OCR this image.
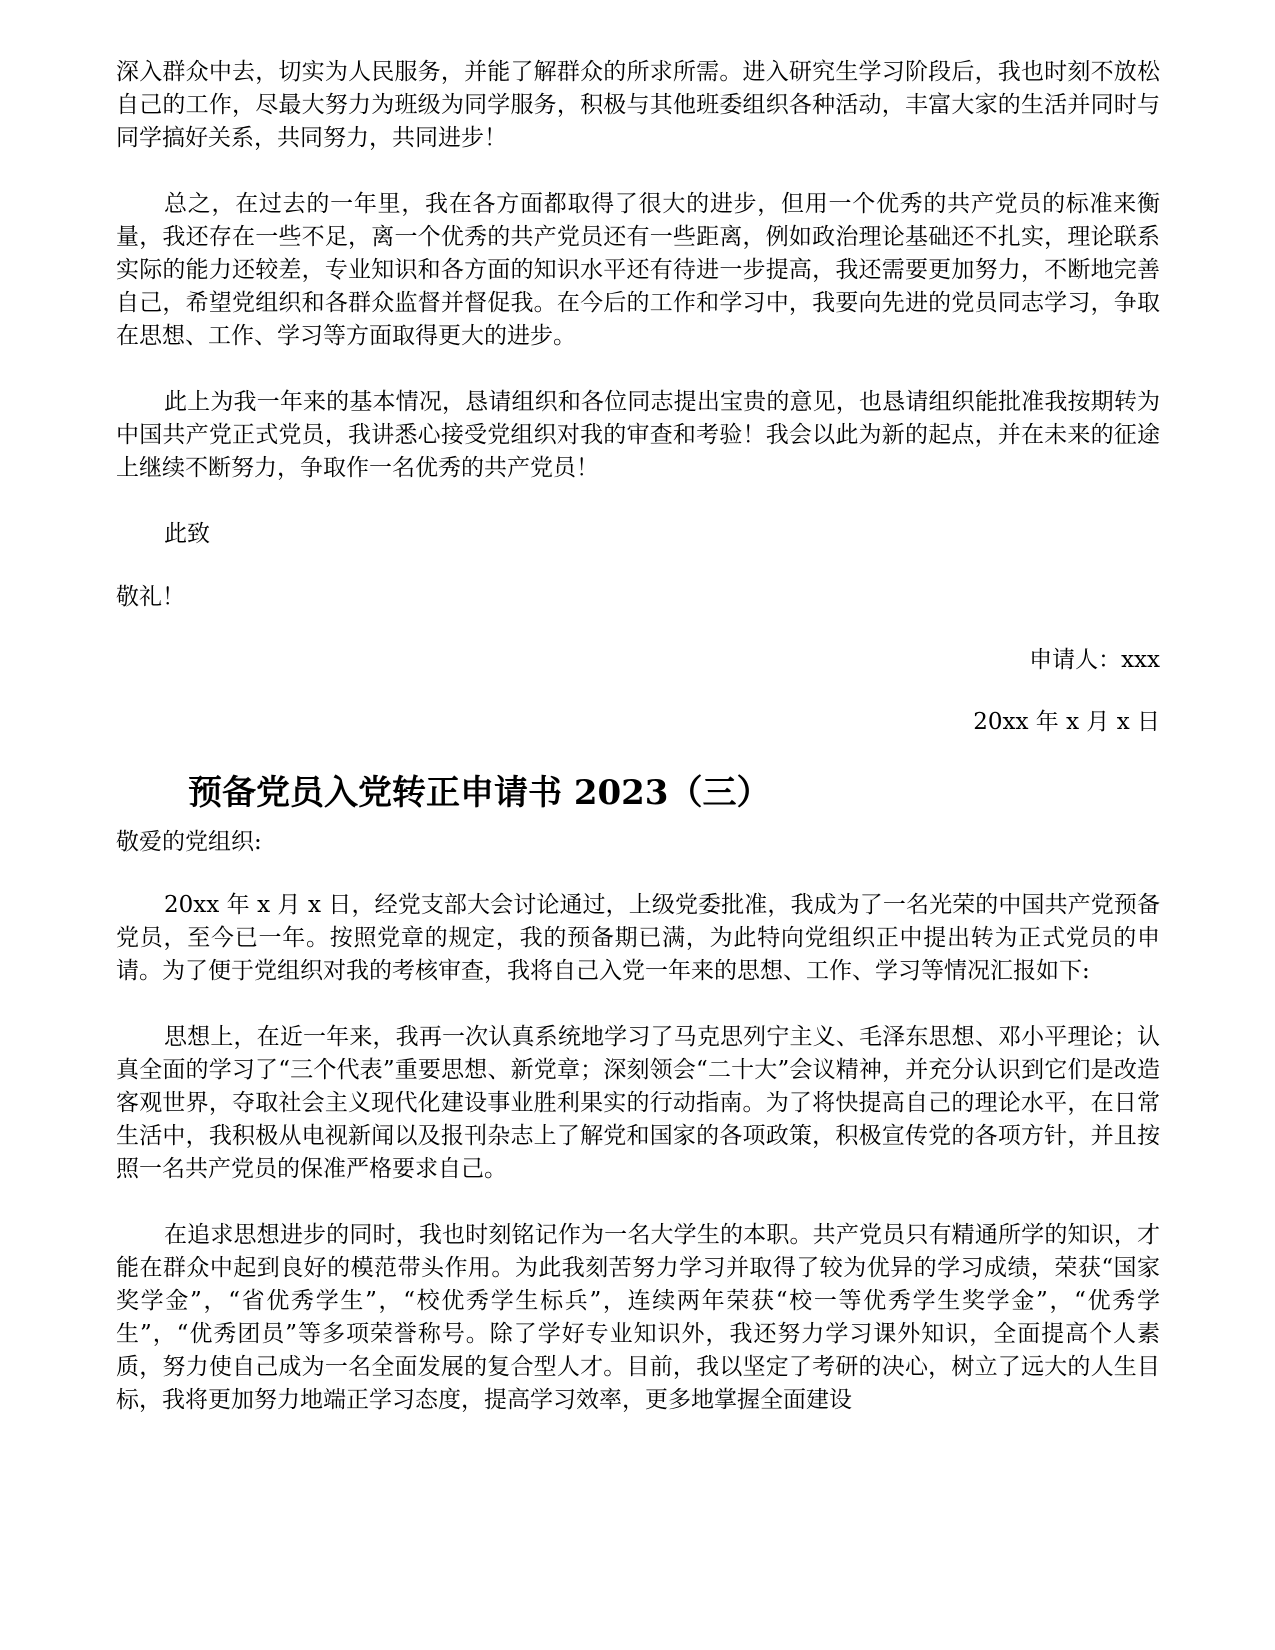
深入群众中去，切实为人民服务，并能了解群众的所求所需。进入研究生学习阶段后，我也时刻不放松自己的工作，尽最大努力为班级为同学服务，积极与其他班委组织各种活动，丰富大家的生活并同时与同学搞好关系，共同努力，共同进步！

总之，在过去的一年里，我在各方面都取得了很大的进步，但用一个优秀的共产党员的标准来衡量，我还存在一些不足，离一个优秀的共产党员还有一些距离，例如政治理论基础还不扎实，理论联系实际的能力还较差，专业知识和各方面的知识水平还有待进一步提高，我还需要更加努力，不断地完善自己，希望党组织和各群众监督并督促我。在今后的工作和学习中，我要向先进的党员同志学习，争取在思想、工作、学习等方面取得更大的进步。

此上为我一年来的基本情况，恳请组织和各位同志提出宝贵的意见，也恳请组织能批准我按期转为中国共产党正式党员，我讲悉心接受党组织对我的审查和考验！我会以此为新的起点，并在未来的征途上继续不断努力，争取作一名优秀的共产党员！

此致

敬礼！

申请人：xxx

20xx 年 x 月 x 日

预备党员入党转正申请书 2023（三）

敬爱的党组织:

20xx 年 x 月 x 日，经党支部大会讨论通过，上级党委批准，我成为了一名光荣的中国共产党预备党员，至今已一年。按照党章的规定，我的预备期已满，为此特向党组织正中提出转为正式党员的申请。为了便于党组织对我的考核审查，我将自己入党一年来的思想、工作、学习等情况汇报如下:

思想上，在近一年来，我再一次认真系统地学习了马克思列宁主义、毛泽东思想、邓小平理论；认真全面的学习了“三个代表”重要思想、新党章；深刻领会“二十大”会议精神，并充分认识到它们是改造客观世界，夺取社会主义现代化建设事业胜利果实的行动指南。为了将快提高自己的理论水平，在日常生活中，我积极从电视新闻以及报刊杂志上了解党和国家的各项政策，积极宣传党的各项方针，并且按照一名共产党员的保准严格要求自己。

在追求思想进步的同时，我也时刻铭记作为一名大学生的本职。共产党员只有精通所学的知识，才能在群众中起到良好的模范带头作用。为此我刻苦努力学习并取得了较为优异的学习成绩，荣获“国家奖学金”，“省优秀学生”，“校优秀学生标兵”，连续两年荣获“校一等优秀学生奖学金”，“优秀学生”，“优秀团员”等多项荣誉称号。除了学好专业知识外，我还努力学习课外知识，全面提高个人素质，努力使自己成为一名全面发展的复合型人才。目前，我以坚定了考研的决心，树立了远大的人生目标，我将更加努力地端正学习态度，提高学习效率，更多地掌握全面建设
